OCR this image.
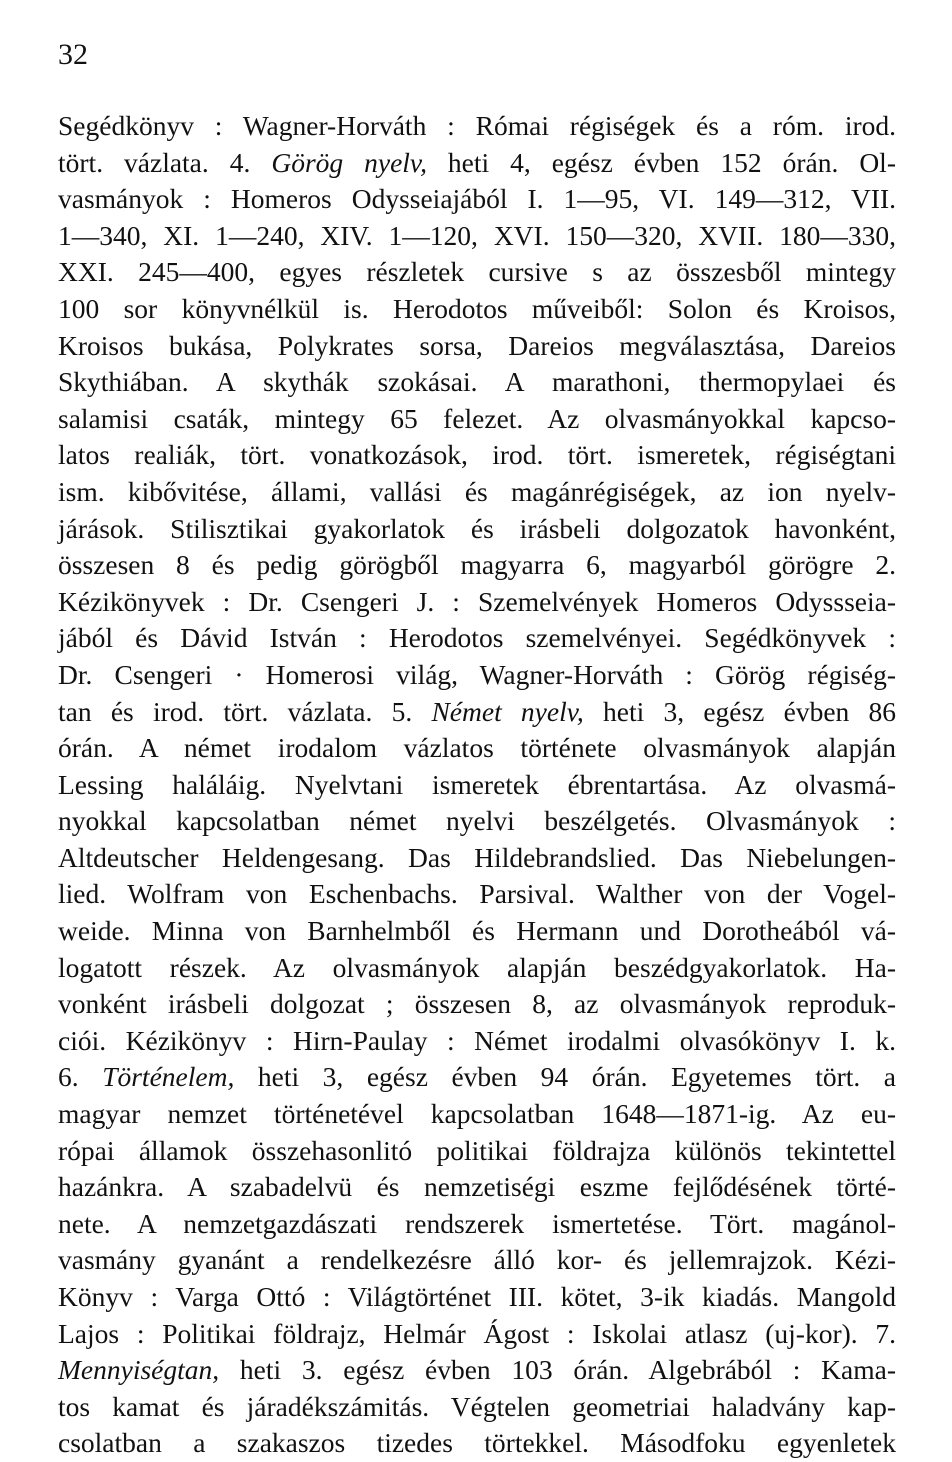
32
Segédkönyv : Wagner-Horváth : Római régiségek és a róm. irod.
tört. vázlata. 4. Görög nyelv, heti 4, egész évben 152 órán. Ol-
vasmányok : Homeros Odysseiajából I. 1—95, VI. 149—312, VII.
1—340, XI. 1—240, XIV. 1—120, XVI. 150—320, XVII. 180—330,
XXI. 245—400, egyes részletek cursive s az összesből mintegy
100 sor könyvnélkül is. Herodotos műveiből: Solon és Kroisos,
Kroisos bukása, Polykrates sorsa, Dareios megválasztása, Dareios
Skythiában. A skythák szokásai. A marathoni, thermopylaei és
salamisi csaták, mintegy 65 felezet. Az olvasmányokkal kapcso-
latos realiák, tört. vonatkozások, irod. tört. ismeretek, régiségtani
ism. kibővitése, állami, vallási és magánrégiségek, az ion nyelv-
járások. Stilisztikai gyakorlatok és irásbeli dolgozatok havonként,
összesen 8 és pedig görögből magyarra 6, magyarból görögre 2.
Kézikönyvek : Dr. Csengeri J. : Szemelvények Homeros Odyssseia-
jából és Dávid István : Herodotos szemelvényei. Segédkönyvek :
Dr. Csengeri · Homerosi világ, Wagner-Horváth : Görög régiség-
tan és irod. tört. vázlata. 5. Német nyelv, heti 3, egész évben 86
órán. A német irodalom vázlatos története olvasmányok alapján
Lessing haláláig. Nyelvtani ismeretek ébrentartása. Az olvasmá-
nyokkal kapcsolatban német nyelvi beszélgetés. Olvasmányok :
Altdeutscher Heldengesang. Das Hildebrandslied. Das Niebelungen-
lied. Wolfram von Eschenbachs. Parsival. Walther von der Vogel-
weide. Minna von Barnhelmből és Hermann und Dorotheából vá-
logatott részek. Az olvasmányok alapján beszédgyakorlatok. Ha-
vonként irásbeli dolgozat ; összesen 8, az olvasmányok reproduk-
ciói. Kézikönyv : Hirn-Paulay : Német irodalmi olvasókönyv I. k.
6. Történelem, heti 3, egész évben 94 órán. Egyetemes tört. a
magyar nemzet történetével kapcsolatban 1648—1871-ig. Az eu-
rópai államok összehasonlitó politikai földrajza különös tekintettel
hazánkra. A szabadelvü és nemzetiségi eszme fejlődésének törté-
nete. A nemzetgazdászati rendszerek ismertetése. Tört. magánol-
vasmány gyanánt a rendelkezésre álló kor- és jellemrajzok. Kézi-
Könyv : Varga Ottó : Világtörténet III. kötet, 3-ik kiadás. Mangold
Lajos : Politikai földrajz, Helmár Ágost : Iskolai atlasz (uj-kor). 7.
Mennyiségtan, heti 3. egész évben 103 órán. Algebrából : Kama-
tos kamat és járadékszámitás. Végtelen geometriai haladvány kap-
csolatban a szakaszos tizedes törtekkel. Másodfoku egyenletek
